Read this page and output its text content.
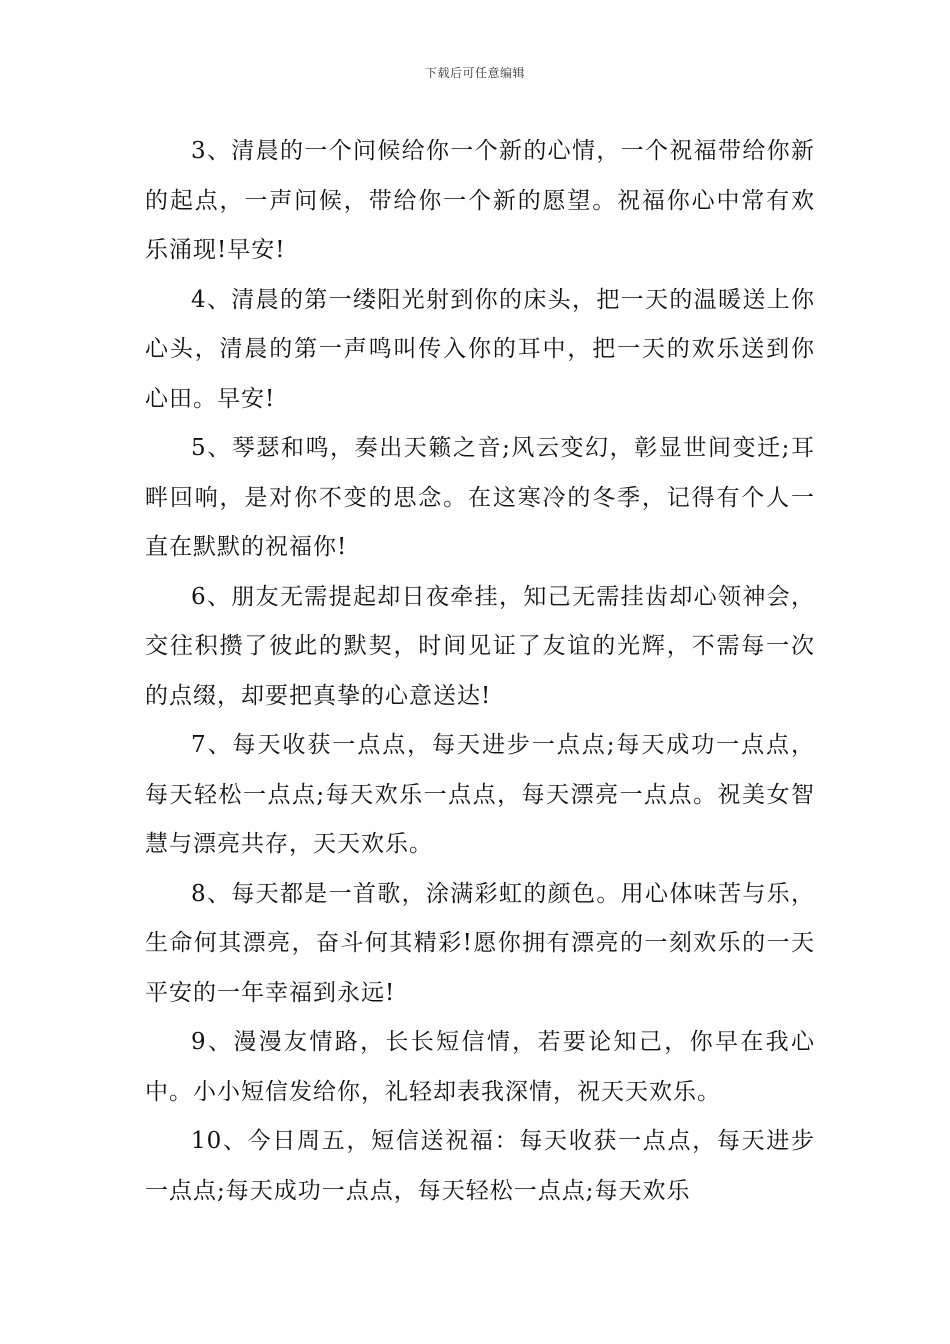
下载后可任意编辑

3、清晨的一个问候给你一个新的心情，一个祝福带给你新的起点，一声问候，带给你一个新的愿望。祝福你心中常有欢乐涌现!早安!

4、清晨的第一缕阳光射到你的床头，把一天的温暖送上你心头，清晨的第一声鸣叫传入你的耳中，把一天的欢乐送到你心田。早安!

5、琴瑟和鸣，奏出天籁之音;风云变幻，彰显世间变迁;耳畔回响，是对你不变的思念。在这寒冷的冬季，记得有个人一直在默默的祝福你!

6、朋友无需提起却日夜牵挂，知己无需挂齿却心领神会，交往积攒了彼此的默契，时间见证了友谊的光辉，不需每一次的点缀，却要把真挚的心意送达!

7、每天收获一点点，每天进步一点点;每天成功一点点，每天轻松一点点;每天欢乐一点点，每天漂亮一点点。祝美女智慧与漂亮共存，天天欢乐。

8、每天都是一首歌，涂满彩虹的颜色。用心体味苦与乐，生命何其漂亮，奋斗何其精彩!愿你拥有漂亮的一刻欢乐的一天平安的一年幸福到永远!

9、漫漫友情路，长长短信情，若要论知己，你早在我心中。小小短信发给你，礼轻却表我深情，祝天天欢乐。

10、今日周五，短信送祝福：每天收获一点点，每天进步一点点;每天成功一点点，每天轻松一点点;每天欢乐
